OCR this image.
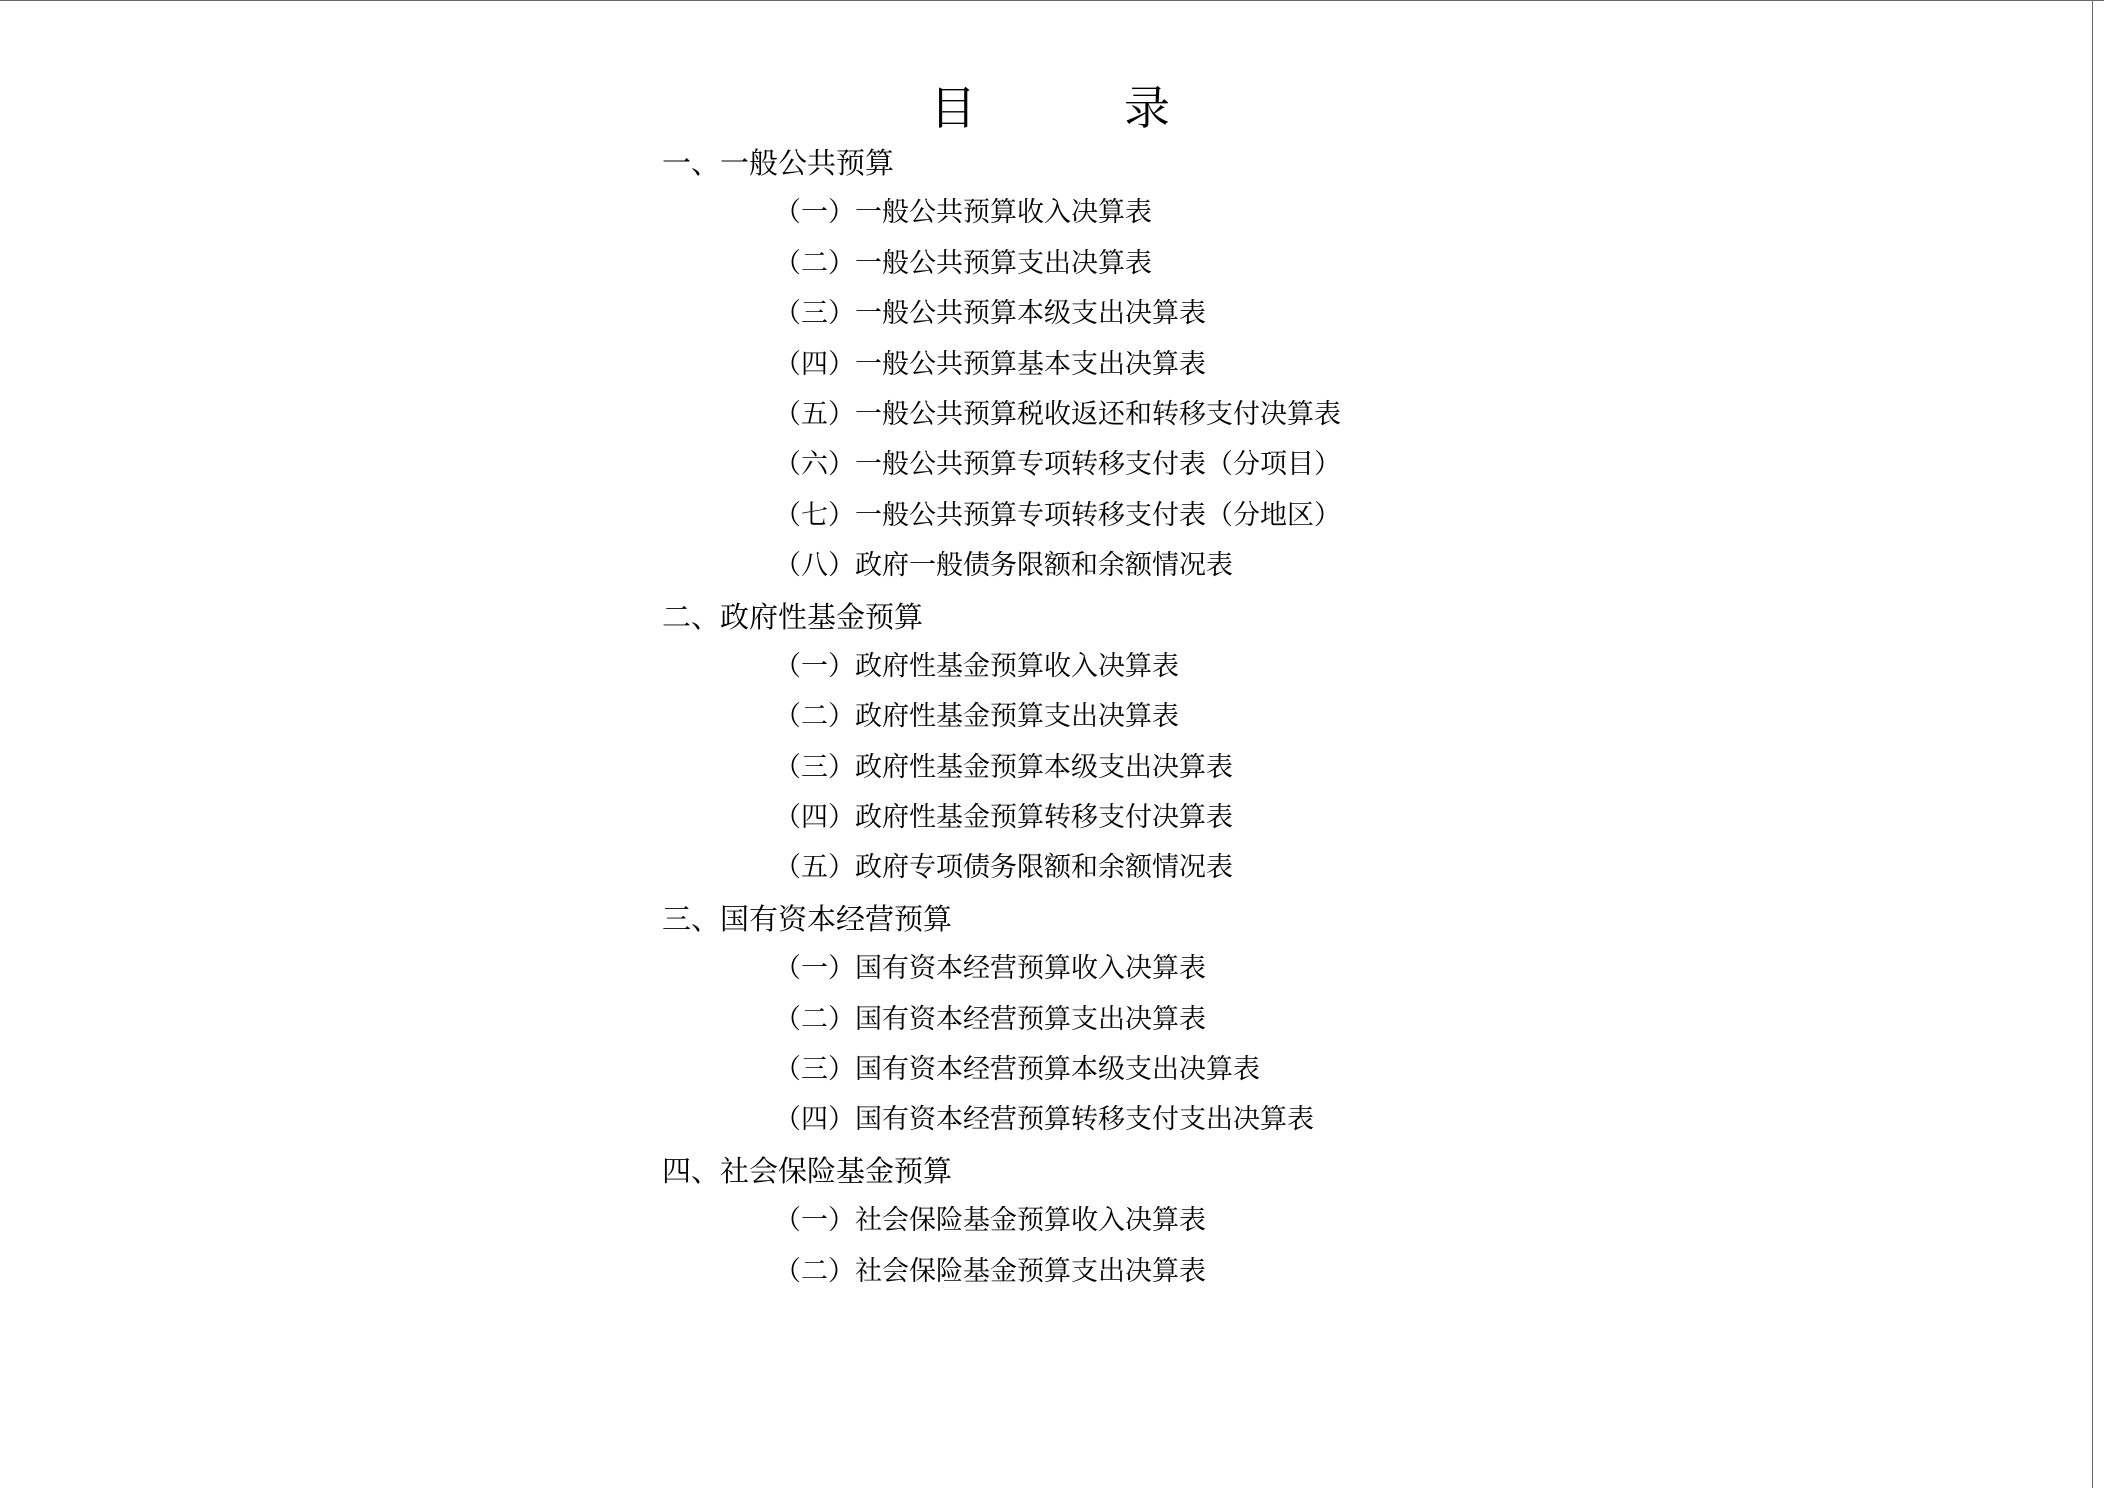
目	录
一、一般公共预算
（一）一般公共预算收入决算表
（二）一般公共预算支出决算表
（三）一般公共预算本级支出决算表
（四）一般公共预算基本支出决算表
（五）一般公共预算税收返还和转移支付决算表
（六）一般公共预算专项转移支付表（分项目）
（七）一般公共预算专项转移支付表（分地区）
（八）政府一般债务限额和余额情况表
二、政府性基金预算
（一）政府性基金预算收入决算表
（二）政府性基金预算支出决算表
（三）政府性基金预算本级支出决算表
（四）政府性基金预算转移支付决算表
（五）政府专项债务限额和余额情况表
三、国有资本经营预算
（一）国有资本经营预算收入决算表
（二）国有资本经营预算支出决算表
（三）国有资本经营预算本级支出决算表
（四）国有资本经营预算转移支付支出决算表
四、社会保险基金预算
（一）社会保险基金预算收入决算表
（二）社会保险基金预算支出决算表
